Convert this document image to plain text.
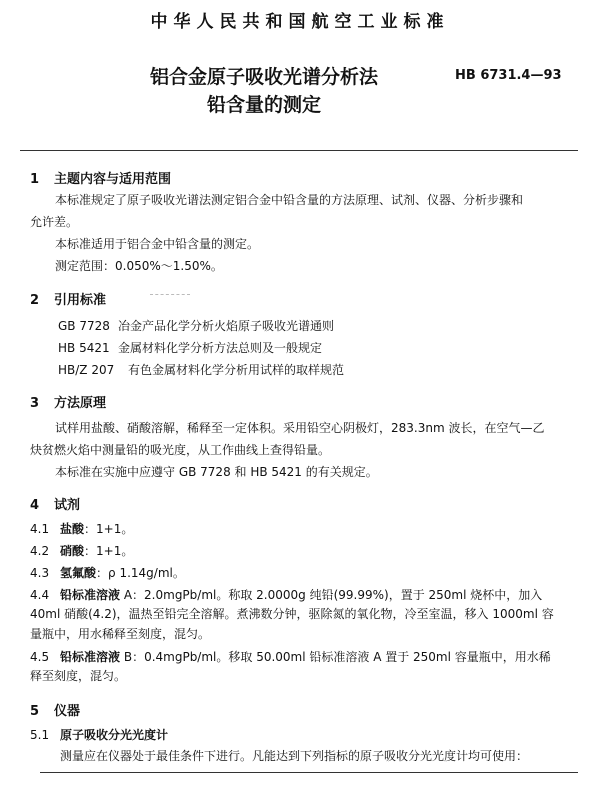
中华人民共和国航空工业标准
铝合金原子吸收光谱分析法
铅含量的测定
HB 6731.4—93
1 主题内容与适用范围
本标准规定了原子吸收光谱法测定铝合金中铅含量的方法原理、试剂、仪器、分析步骤和
允许差。
本标准适用于铝合金中铅含量的测定。
测定范围：0.050%～1.50%。
2 引用标准
GB 7728 冶金产品化学分析火焰原子吸收光谱通则
HB 5421 金属材料化学分析方法总则及一般规定
HB/Z 207 有色金属材料化学分析用试样的取样规范
3 方法原理
试样用盐酸、硝酸溶解，稀释至一定体积。采用铅空心阴极灯，283.3nm 波长，在空气—乙
炔贫燃火焰中测量铅的吸光度，从工作曲线上查得铅量。
本标准在实施中应遵守 GB 7728 和 HB 5421 的有关规定。
4 试剂
4.1 盐酸：1+1。
4.2 硝酸：1+1。
4.3 氢氟酸：ρ 1.14g/ml。
4.4 铅标准溶液 A：2.0mgPb/ml。称取 2.0000g 纯铅(99.99%)，置于 250ml 烧杯中，加入
40ml 硝酸(4.2)，温热至铅完全溶解。煮沸数分钟，驱除氮的氧化物，冷至室温，移入 1000ml 容
量瓶中，用水稀释至刻度，混匀。
4.5 铅标准溶液 B：0.4mgPb/ml。移取 50.00ml 铅标准溶液 A 置于 250ml 容量瓶中，用水稀
释至刻度，混匀。
5 仪器
5.1 原子吸收分光光度计
测量应在仪器处于最佳条件下进行。凡能达到下列指标的原子吸收分光光度计均可使用：
